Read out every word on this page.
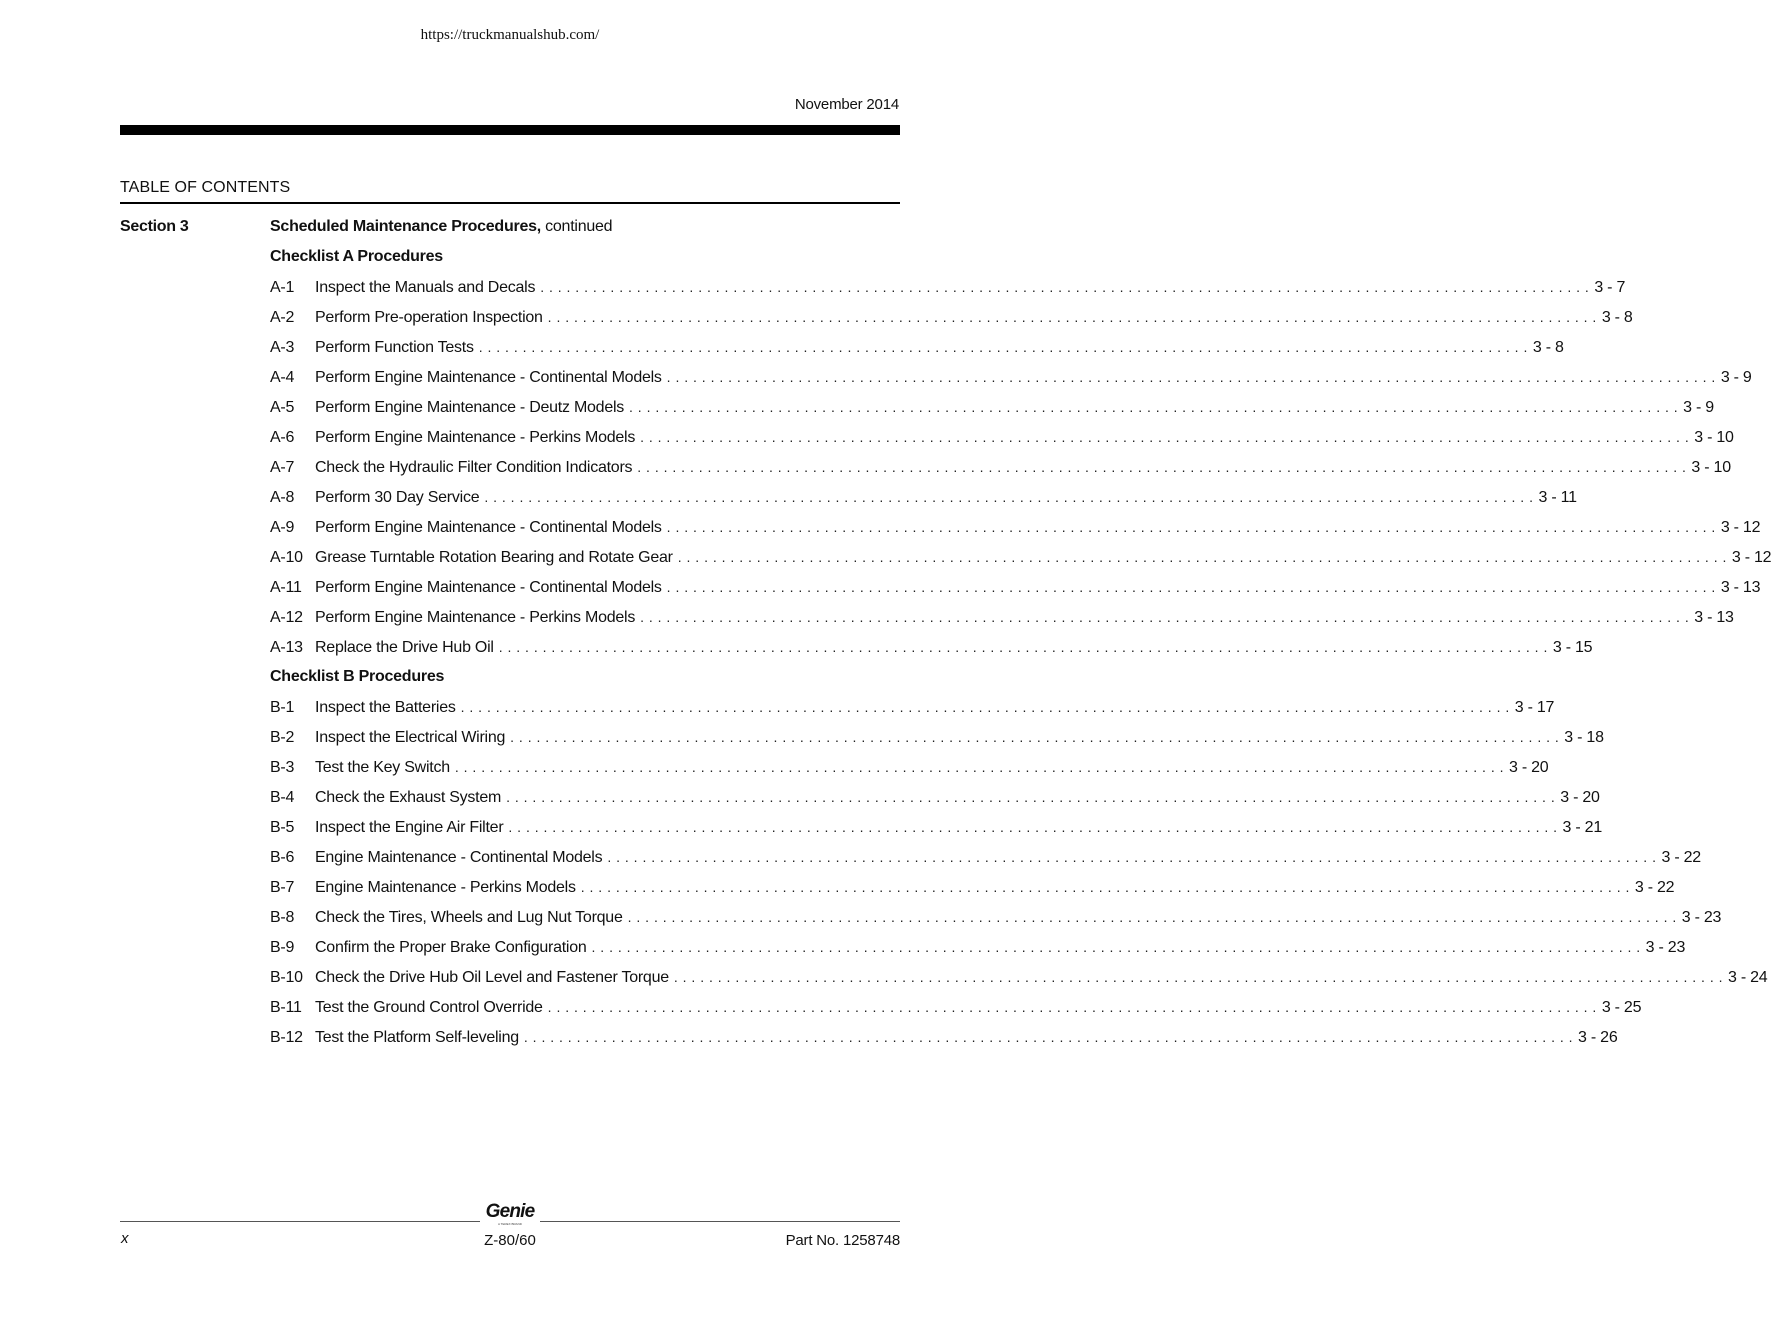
https://truckmanualshub.com/
November 2014
TABLE OF CONTENTS
Section 3	Scheduled Maintenance Procedures, continued
Checklist A Procedures
A-1	Inspect the Manuals and Decals . . . . . . . . . . . . . . . . . . . . . . . . . . . . . . . . . . . . . . . . . . . . . . . . . . . . . . . . . . . . . . . . . . . . . . . . . . . . . . . . . . . . . . . . . . . . . . . . . . . . . . . . . . . . . . . . . . . . . . . . 3 - 7
A-2	Perform Pre-operation Inspection . . . . . . . . . . . . . . . . . . . . . . . . . . . . . . . . . . . . . . . . . . . . . . . . . . . . . . . . . . . . . . . . . . . . . . . . . . . . . . . . . . . . . . . . . . . . . . . . . . . . . . . . . . . . . . . . . . . . . . . . 3 - 8
A-3	Perform Function Tests . . . . . . . . . . . . . . . . . . . . . . . . . . . . . . . . . . . . . . . . . . . . . . . . . . . . . . . . . . . . . . . . . . . . . . . . . . . . . . . . . . . . . . . . . . . . . . . . . . . . . . . . . . . . . . . . . . . . . . . . 3 - 8
A-4	Perform Engine Maintenance - Continental Models . . . . . . . . . . . . . . . . . . . . . . . . . . . . . . . . . . . . . . . . . . . . . . . . . . . . . . . . . . . . . . . . . . . . . . . . . . . . . . . . . . . . . . . . . . . . . . . . . . . . . . . . . . . . . . . . . . . . . . . . 3 - 9
A-5	Perform Engine Maintenance - Deutz Models . . . . . . . . . . . . . . . . . . . . . . . . . . . . . . . . . . . . . . . . . . . . . . . . . . . . . . . . . . . . . . . . . . . . . . . . . . . . . . . . . . . . . . . . . . . . . . . . . . . . . . . . . . . . . . . . . . . . . . . . 3 - 9
A-6	Perform Engine Maintenance - Perkins Models . . . . . . . . . . . . . . . . . . . . . . . . . . . . . . . . . . . . . . . . . . . . . . . . . . . . . . . . . . . . . . . . . . . . . . . . . . . . . . . . . . . . . . . . . . . . . . . . . . . . . . . . . . . . . . . . . . . . . . . . 3 - 10
A-7	Check the Hydraulic Filter Condition Indicators . . . . . . . . . . . . . . . . . . . . . . . . . . . . . . . . . . . . . . . . . . . . . . . . . . . . . . . . . . . . . . . . . . . . . . . . . . . . . . . . . . . . . . . . . . . . . . . . . . . . . . . . . . . . . . . . . . . . . . . . 3 - 10
A-8	Perform 30 Day Service . . . . . . . . . . . . . . . . . . . . . . . . . . . . . . . . . . . . . . . . . . . . . . . . . . . . . . . . . . . . . . . . . . . . . . . . . . . . . . . . . . . . . . . . . . . . . . . . . . . . . . . . . . . . . . . . . . . . . . . . 3 - 11
A-9	Perform Engine Maintenance - Continental Models . . . . . . . . . . . . . . . . . . . . . . . . . . . . . . . . . . . . . . . . . . . . . . . . . . . . . . . . . . . . . . . . . . . . . . . . . . . . . . . . . . . . . . . . . . . . . . . . . . . . . . . . . . . . . . . . . . . . . . . . 3 - 12
A-10 Grease Turntable Rotation Bearing and Rotate Gear . . . . . . . . . . . . . . . . . . . . . . . . . . . . . . . . . . . . . . . . . . . . . . . . . . . . . . . . . . . . . . . . . . . . . . . . . . . . . . . . . . . . . . . . . . . . . . . . . . . . . . . . . . . . . . . . . . . . . . . . 3 - 12
A-11 Perform Engine Maintenance - Continental Models . . . . . . . . . . . . . . . . . . . . . . . . . . . . . . . . . . . . . . . . . . . . . . . . . . . . . . . . . . . . . . . . . . . . . . . . . . . . . . . . . . . . . . . . . . . . . . . . . . . . . . . . . . . . . . . . . . . . . . . . 3 - 13
A-12 Perform Engine Maintenance - Perkins Models . . . . . . . . . . . . . . . . . . . . . . . . . . . . . . . . . . . . . . . . . . . . . . . . . . . . . . . . . . . . . . . . . . . . . . . . . . . . . . . . . . . . . . . . . . . . . . . . . . . . . . . . . . . . . . . . . . . . . . . . 3 - 13
A-13 Replace the Drive Hub Oil . . . . . . . . . . . . . . . . . . . . . . . . . . . . . . . . . . . . . . . . . . . . . . . . . . . . . . . . . . . . . . . . . . . . . . . . . . . . . . . . . . . . . . . . . . . . . . . . . . . . . . . . . . . . . . . . . . . . . . . . 3 - 15
Checklist B Procedures
B-1	Inspect the Batteries . . . . . . . . . . . . . . . . . . . . . . . . . . . . . . . . . . . . . . . . . . . . . . . . . . . . . . . . . . . . . . . . . . . . . . . . . . . . . . . . . . . . . . . . . . . . . . . . . . . . . . . . . . . . . . . . . . . . . . . . 3 - 17
B-2	Inspect the Electrical Wiring . . . . . . . . . . . . . . . . . . . . . . . . . . . . . . . . . . . . . . . . . . . . . . . . . . . . . . . . . . . . . . . . . . . . . . . . . . . . . . . . . . . . . . . . . . . . . . . . . . . . . . . . . . . . . . . . . . . . . . . . 3 - 18
B-3	Test the Key Switch . . . . . . . . . . . . . . . . . . . . . . . . . . . . . . . . . . . . . . . . . . . . . . . . . . . . . . . . . . . . . . . . . . . . . . . . . . . . . . . . . . . . . . . . . . . . . . . . . . . . . . . . . . . . . . . . . . . . . . . . 3 - 20
B-4	Check the Exhaust System . . . . . . . . . . . . . . . . . . . . . . . . . . . . . . . . . . . . . . . . . . . . . . . . . . . . . . . . . . . . . . . . . . . . . . . . . . . . . . . . . . . . . . . . . . . . . . . . . . . . . . . . . . . . . . . . . . . . . . . . 3 - 20
B-5	Inspect the Engine Air Filter . . . . . . . . . . . . . . . . . . . . . . . . . . . . . . . . . . . . . . . . . . . . . . . . . . . . . . . . . . . . . . . . . . . . . . . . . . . . . . . . . . . . . . . . . . . . . . . . . . . . . . . . . . . . . . . . . . . . . . . . 3 - 21
B-6	Engine Maintenance - Continental Models . . . . . . . . . . . . . . . . . . . . . . . . . . . . . . . . . . . . . . . . . . . . . . . . . . . . . . . . . . . . . . . . . . . . . . . . . . . . . . . . . . . . . . . . . . . . . . . . . . . . . . . . . . . . . . . . . . . . . . . . 3 - 22
B-7	Engine Maintenance - Perkins Models . . . . . . . . . . . . . . . . . . . . . . . . . . . . . . . . . . . . . . . . . . . . . . . . . . . . . . . . . . . . . . . . . . . . . . . . . . . . . . . . . . . . . . . . . . . . . . . . . . . . . . . . . . . . . . . . . . . . . . . . 3 - 22
B-8	Check the Tires, Wheels and Lug Nut Torque . . . . . . . . . . . . . . . . . . . . . . . . . . . . . . . . . . . . . . . . . . . . . . . . . . . . . . . . . . . . . . . . . . . . . . . . . . . . . . . . . . . . . . . . . . . . . . . . . . . . . . . . . . . . . . . . . . . . . . . . 3 - 23
B-9	Confirm the Proper Brake Configuration . . . . . . . . . . . . . . . . . . . . . . . . . . . . . . . . . . . . . . . . . . . . . . . . . . . . . . . . . . . . . . . . . . . . . . . . . . . . . . . . . . . . . . . . . . . . . . . . . . . . . . . . . . . . . . . . . . . . . . . . 3 - 23
B-10 Check the Drive Hub Oil Level and Fastener Torque . . . . . . . . . . . . . . . . . . . . . . . . . . . . . . . . . . . . . . . . . . . . . . . . . . . . . . . . . . . . . . . . . . . . . . . . . . . . . . . . . . . . . . . . . . . . . . . . . . . . . . . . . . . . . . . . . . . . . . . . 3 - 24
B-11 Test the Ground Control Override . . . . . . . . . . . . . . . . . . . . . . . . . . . . . . . . . . . . . . . . . . . . . . . . . . . . . . . . . . . . . . . . . . . . . . . . . . . . . . . . . . . . . . . . . . . . . . . . . . . . . . . . . . . . . . . . . . . . . . . . 3 - 25
B-12 Test the Platform Self-leveling . . . . . . . . . . . . . . . . . . . . . . . . . . . . . . . . . . . . . . . . . . . . . . . . . . . . . . . . . . . . . . . . . . . . . . . . . . . . . . . . . . . . . . . . . . . . . . . . . . . . . . . . . . . . . . . . . . . . . . . . 3 - 26
Genie
A TEREX BRAND
x	Z-80/60	Part No. 1258748
